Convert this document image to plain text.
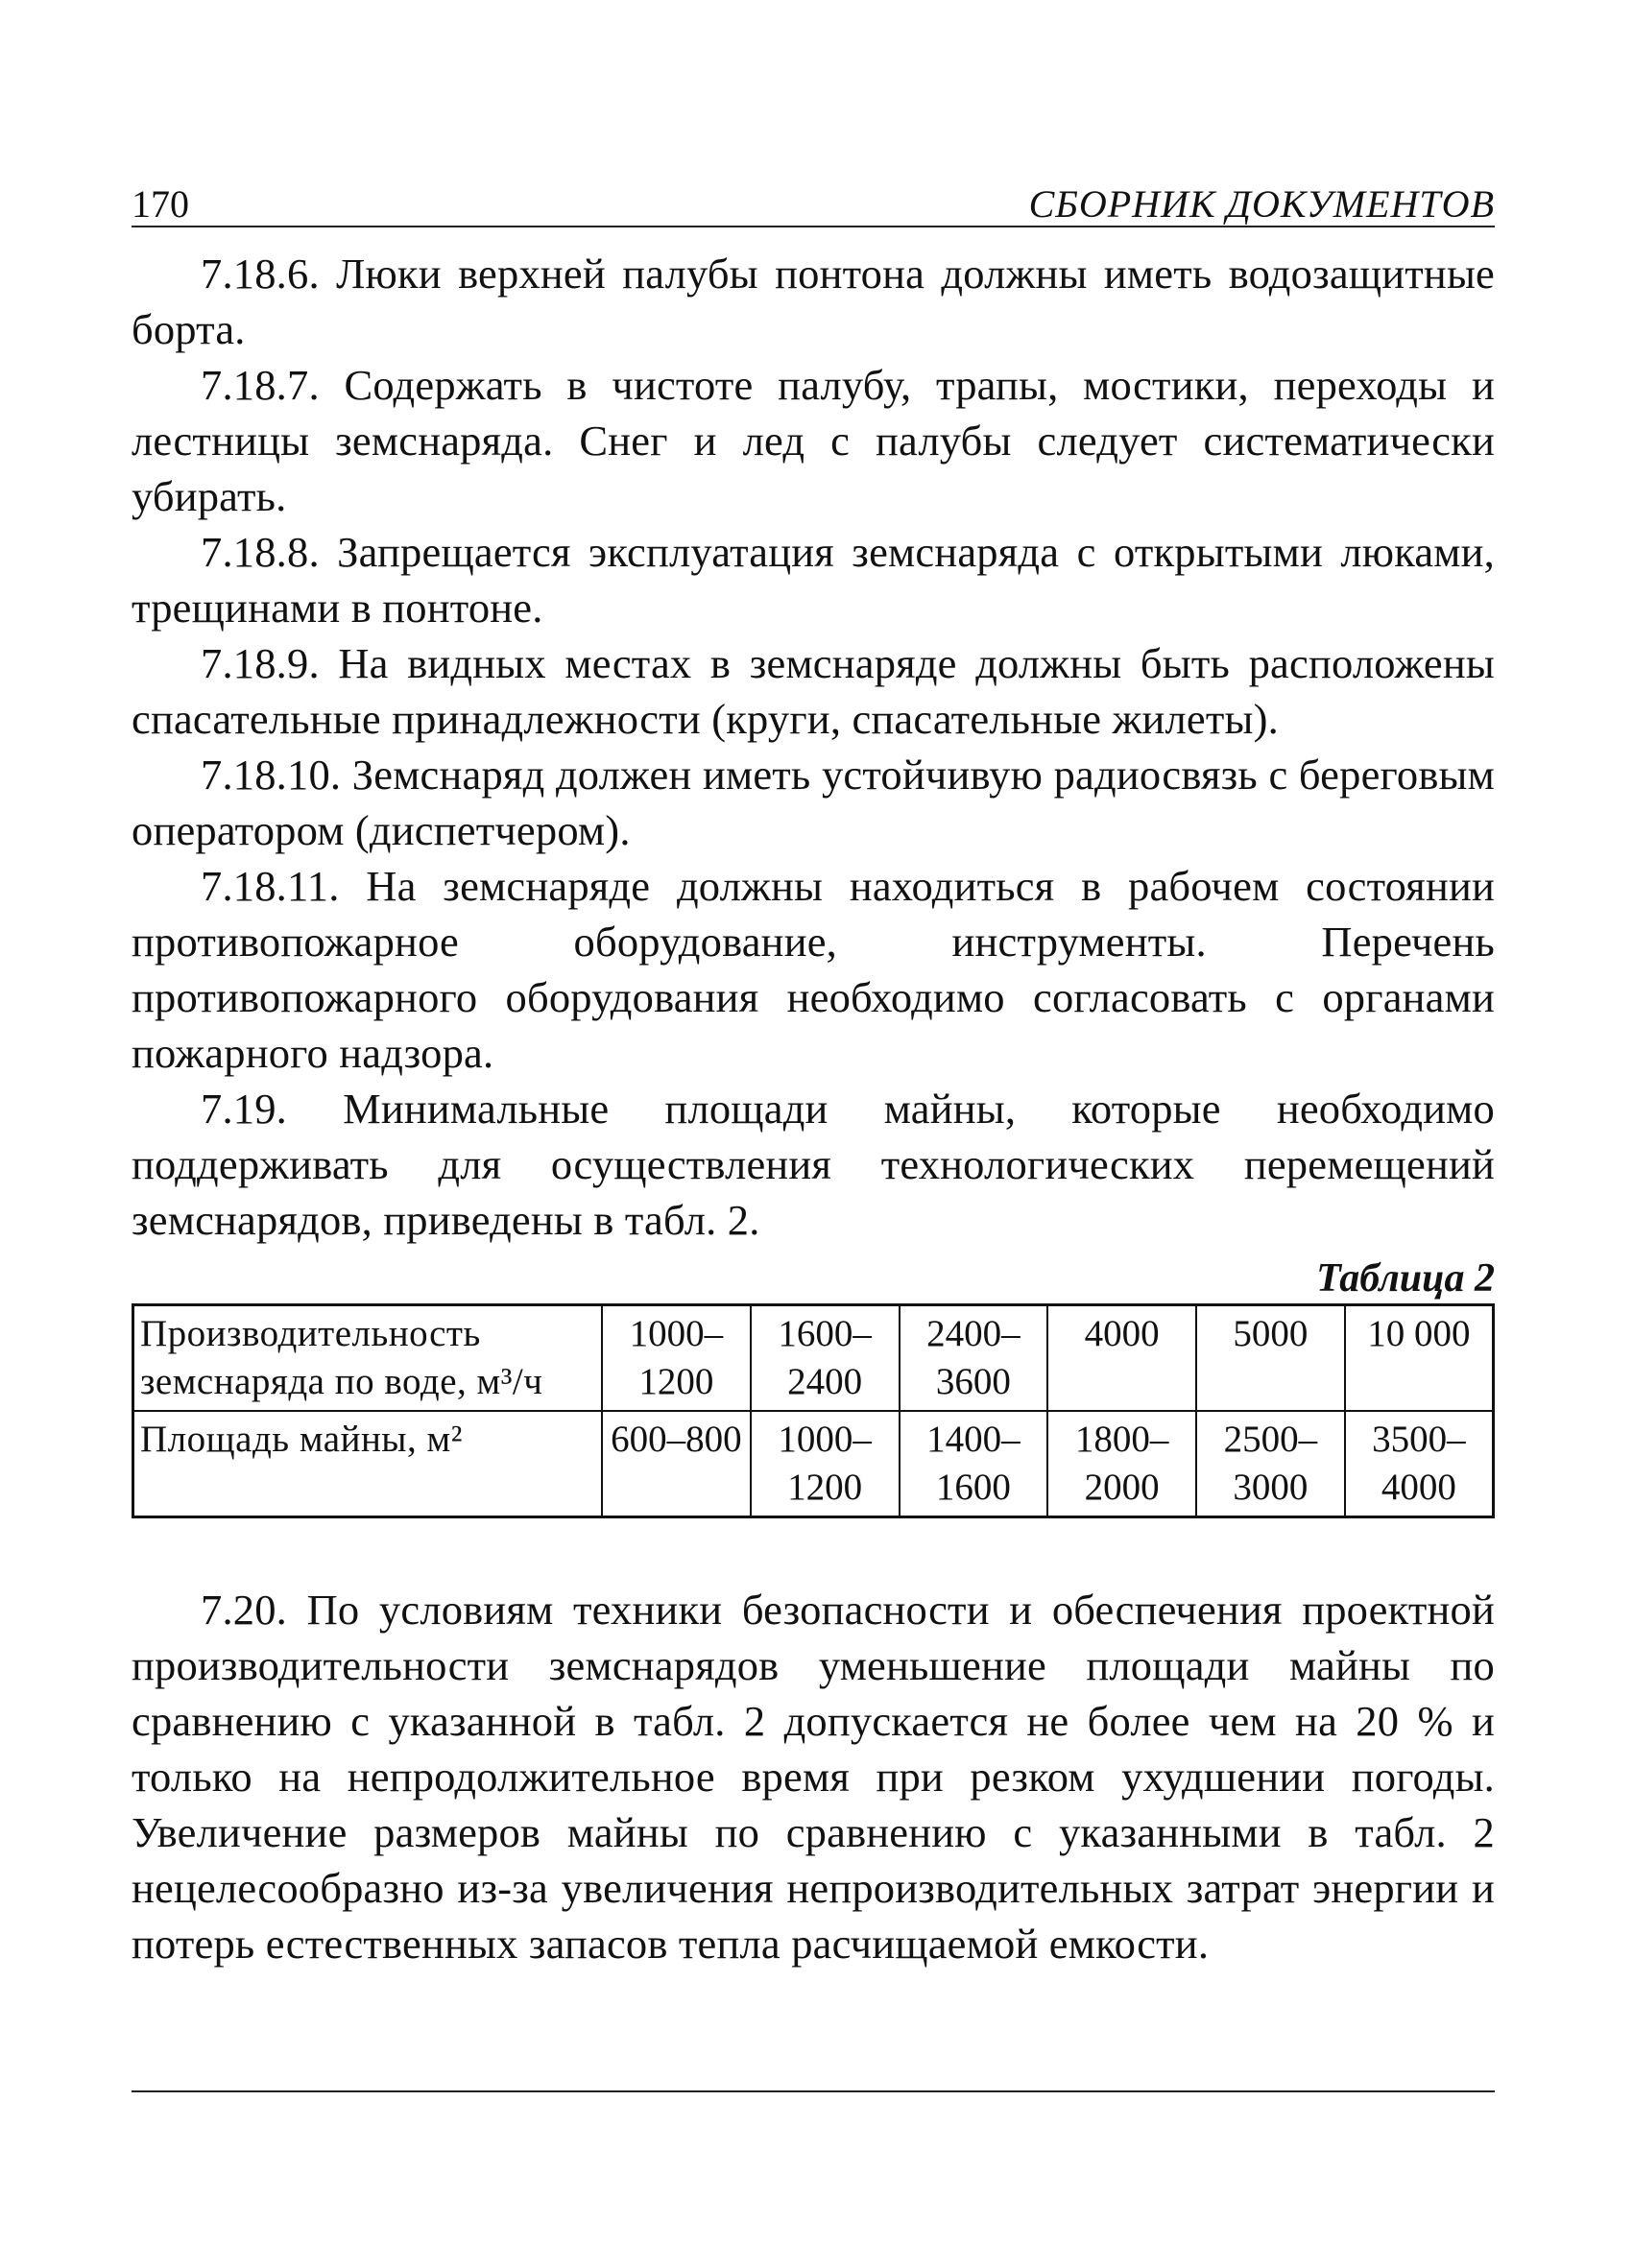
170	СБОРНИК ДОКУМЕНТОВ

7.18.6. Люки верхней палубы понтона должны иметь водозащитные борта.

7.18.7. Содержать в чистоте палубу, трапы, мостики, переходы и лестницы земснаряда. Снег и лед с палубы следует систематически убирать.

7.18.8. Запрещается эксплуатация земснаряда с открытыми люками, трещинами в понтоне.

7.18.9. На видных местах в земснаряде должны быть расположены спасательные принадлежности (круги, спасательные жилеты).

7.18.10. Земснаряд должен иметь устойчивую радиосвязь с береговым оператором (диспетчером).

7.18.11. На земснаряде должны находиться в рабочем состоянии противопожарное оборудование, инструменты. Перечень противопожарного оборудования необходимо согласовать с органами пожарного надзора.

7.19. Минимальные площади майны, которые необходимо поддерживать для осуществления технологических перемещений земснарядов, приведены в табл. 2.

Таблица 2
Производительность земснаряда по воде, м³/ч	1000–1200	1600–2400	2400–3600	4000	5000	10 000
Площадь майны, м²	600–800	1000–1200	1400–1600	1800–2000	2500–3000	3500–4000

7.20. По условиям техники безопасности и обеспечения проектной производительности земснарядов уменьшение площади майны по сравнению с указанной в табл. 2 допускается не более чем на 20 % и только на непродолжительное время при резком ухудшении погоды. Увеличение размеров майны по сравнению с указанными в табл. 2 нецелесообразно из-за увеличения непроизводительных затрат энергии и потерь естественных запасов тепла расчищаемой емкости.
